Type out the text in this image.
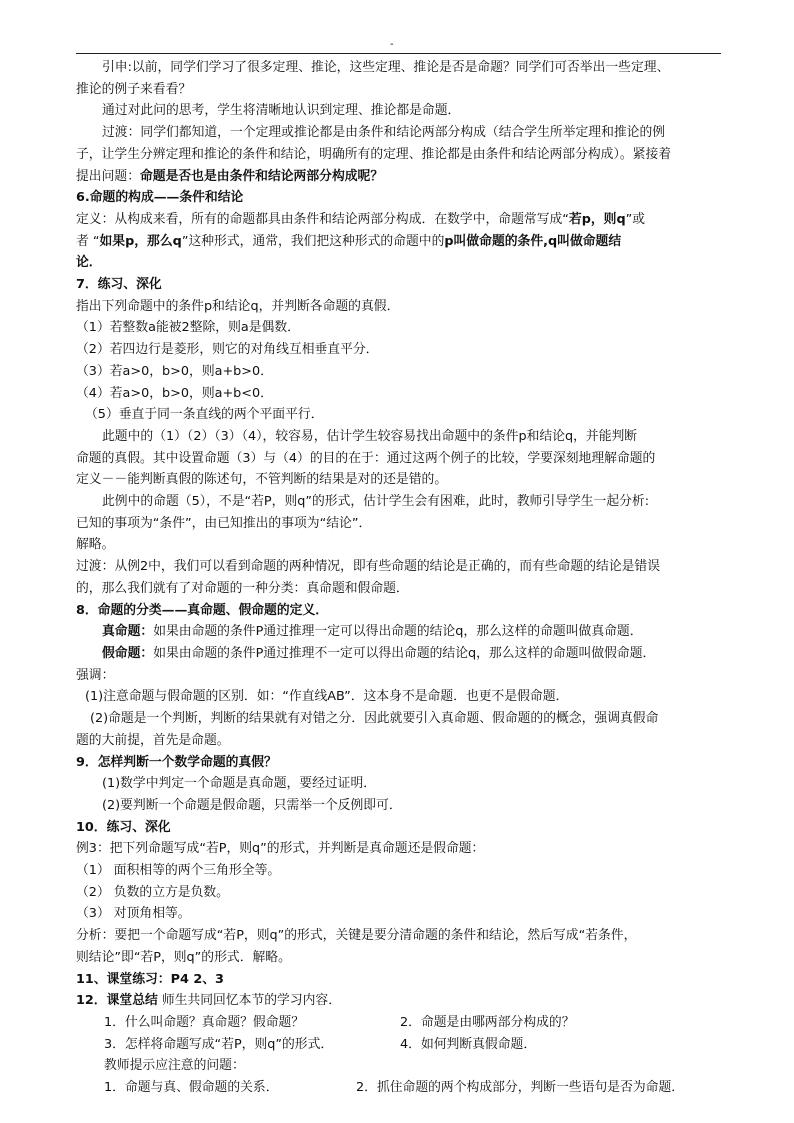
-
引申:以前，同学们学习了很多定理、推论，这些定理、推论是否是命题？同学们可否举出一些定理、
推论的例子来看看？
通过对此问的思考，学生将清晰地认识到定理、推论都是命题．
过渡：同学们都知道，一个定理或推论都是由条件和结论两部分构成（结合学生所举定理和推论的例
子，让学生分辨定理和推论的条件和结论，明确所有的定理、推论都是由条件和结论两部分构成）。紧接着
提出问题：命题是否也是由条件和结论两部分构成呢？
6.命题的构成——条件和结论
定义：从构成来看，所有的命题都具由条件和结论两部分构成．在数学中，命题常写成“若p，则q”或
者 “如果p，那么q”这种形式，通常，我们把这种形式的命题中的p叫做命题的条件,q叫做命题结
论．
7．练习、深化
指出下列命题中的条件p和结论q，并判断各命题的真假．
（1）若整数a能被2整除，则a是偶数．
（2）若四边行是菱形，则它的对角线互相垂直平分．
（3）若a>0，b>0，则a+b>0．
（4）若a>0，b>0，则a+b<0．
（5）垂直于同一条直线的两个平面平行．
此题中的（1）（2）（3）（4），较容易，估计学生较容易找出命题中的条件p和结论q，并能判断
命题的真假。其中设置命题（3）与（4）的目的在于：通过这两个例子的比较，学要深刻地理解命题的
定义－－能判断真假的陈述句，不管判断的结果是对的还是错的。
此例中的命题（5），不是“若P，则q”的形式，估计学生会有困难，此时，教师引导学生一起分析:
已知的事项为“条件”，由已知推出的事项为“结论”．
解略。
过渡：从例2中，我们可以看到命题的两种情况，即有些命题的结论是正确的，而有些命题的结论是错误
的，那么我们就有了对命题的一种分类：真命题和假命题．
8．命题的分类——真命题、假命题的定义．
真命题：如果由命题的条件P通过推理一定可以得出命题的结论q，那么这样的命题叫做真命题．
假命题：如果由命题的条件P通过推理不一定可以得出命题的结论q，那么这样的命题叫做假命题．
强调：
(1)注意命题与假命题的区别．如：“作直线AB”．这本身不是命题．也更不是假命题．
(2)命题是一个判断，判断的结果就有对错之分．因此就要引入真命题、假命题的的概念，强调真假命
题的大前提，首先是命题。
9．怎样判断一个数学命题的真假？
(1)数学中判定一个命题是真命题，要经过证明．
(2)要判断一个命题是假命题，只需举一个反例即可．
10．练习、深化
例3：把下列命题写成“若P，则q”的形式，并判断是真命题还是假命题：
（1） 面积相等的两个三角形全等。
（2） 负数的立方是负数。
（3） 对顶角相等。
分析：要把一个命题写成“若P，则q”的形式，关键是要分清命题的条件和结论，然后写成“若条件，
则结论”即“若P，则q”的形式．解略。
11、课堂练习：P4 2、3
12．课堂总结 师生共同回忆本节的学习内容．
1．什么叫命题？真命题？假命题？	2．命题是由哪两部分构成的？
3．怎样将命题写成“若P，则q”的形式．	4．如何判断真假命题．
教师提示应注意的问题：
1．命题与真、假命题的关系．	2．抓住命题的两个构成部分，判断一些语句是否为命题．
